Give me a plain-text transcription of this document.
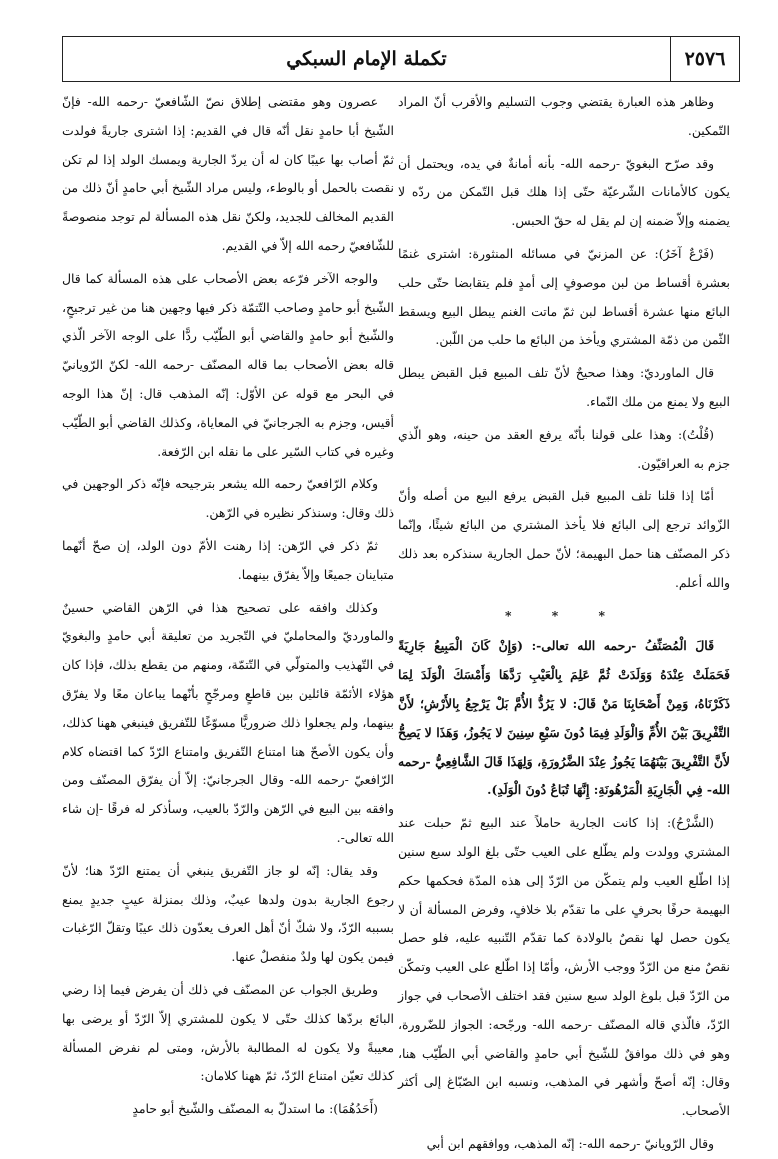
٢٥٧٦
تكملة الإمام السبكي

وظاهر هذه العبارة يقتضي وجوب التسليم والأقرب أنّ المراد التّمكين.

وقد صرّح البغويّ -رحمه الله- بأنه أمانةٌ في يده، ويحتمل أن يكون كالأمانات الشّرعيّة حتّى إذا هلك قبل التّمكن من ردّه لا يضمنه وإلاّ ضمنه إن لم يقل له حقّ الحبس.

(فَرْعٌ آخَرُ): عن المزنيّ في مسائله المنثورة: اشترى غنمًا بعشرة أقساط من لبن موصوفٍ إلى أمدٍ فلم يتقابضا حتّى حلب البائع منها عشرة أقساط لبن ثمّ ماتت الغنم يبطل البيع ويسقط الثّمن من ذمّة المشتري ويأخذ من البائع ما حلب من اللّبن.

قال الماورديّ: وهذا صحيحٌ لأنّ تلف المبيع قبل القبض يبطل البيع ولا يمنع من ملك النّماء.

(قُلْتُ): وهذا على قولنا بأنّه يرفع العقد من حينه، وهو الّذي جزم به العراقيّون.

أمّا إذا قلنا تلف المبيع قبل القبض يرفع البيع من أصله وأنّ الزّوائد ترجع إلى البائع فلا يأخذ المشتري من البائع شيئًا، وإنّما ذكر المصنّف هنا حمل البهيمة؛ لأنّ حمل الجارية سنذكره بعد ذلك والله أعلم.

* * *

قَالَ الْمُصَنِّفُ -رحمه الله تعالى-: (وَإِنْ كَانَ الْمَبِيعُ جَارِيَةً فَحَمَلَتْ عِنْدَهُ وَوَلَدَتْ ثُمَّ عَلِمَ بِالْعَيْبِ رَدَّهَا وَأَمْسَكَ الْوَلَدَ لِمَا ذَكَرْنَاهُ، وَمِنْ أَصْحَابِنَا مَنْ قَالَ: لا يَرُدُّ الأُمَّ بَلْ يَرْجِعُ بِالأَرْشِ؛ لأَنَّ التَّفْرِيقَ بَيْنَ الأُمِّ وَالْوَلَدِ فِيمَا دُونَ سَبْعِ سِنِينَ لا يَجُوزُ، وَهَذَا لا يَصِحُّ لأَنَّ التَّفْرِيقَ بَيْنَهُمَا يَجُوزُ عِنْدَ الضَّرُورَةِ، وَلِهَذَا قَالَ الشَّافِعِيُّ -رحمه الله- فِي الْجَارِيَةِ الْمَرْهُونَةِ: إِنَّهَا تُبَاعُ دُونَ الْوَلَدِ).

(الشَّرْحُ): إذا كانت الجارية حاملاً عند البيع ثمّ حبلت عند المشتري وولدت ولم يطّلع على العيب حتّى بلغ الولد سبع سنين إذا اطّلع العيب ولم يتمكّن من الرّدّ إلى هذه المدّة فحكمها حكم البهيمة حرفًا بحرفٍ على ما تقدّم بلا خلافٍ، وفرض المسألة أن لا يكون حصل لها نقصٌ بالولادة كما تقدّم التّنبيه عليه، فلو حصل نقصٌ منع من الرّدّ ووجب الأرش، وأمّا إذا اطّلع على العيب وتمكّن من الرّدّ قبل بلوغ الولد سبع سنين فقد اختلف الأصحاب في جواز الرّدّ، فالّذي قاله المصنّف -رحمه الله- ورجّحه: الجواز للضّرورة، وهو في ذلك موافقٌ للشّيخ أبي حامدٍ والقاضي أبي الطّيّب هنا، وقال: إنّه أصحّ وأشهر في المذهب، ونسبه ابن الصّبّاغ إلى أكثر الأصحاب.

وقال الرّويانيّ -رحمه الله-: إنّه المذهب، ووافقهم ابن أبي

عصرون وهو مقتضى إطلاق نصّ الشّافعيّ -رحمه الله- فإنّ الشّيخ أبا حامدٍ نقل أنّه قال في القديم: إذا اشترى جاريةً فولدت ثمّ أصاب بها عيبًا كان له أن يردّ الجارية ويمسك الولد إذا لم تكن نقصت بالحمل أو بالوطء، وليس مراد الشّيخ أبي حامدٍ أنّ ذلك من القديم المخالف للجديد، ولكنّ نقل هذه المسألة لم توجد منصوصةً للشّافعيّ رحمه الله إلاّ في القديم.

والوجه الآخر فرّعه بعض الأصحاب على هذه المسألة كما قال الشّيخ أبو حامدٍ وصاحب التّتمّة ذكر فيها وجهين هنا من غير ترجيحٍ، والشّيخ أبو حامدٍ والقاضي أبو الطّيّب ردًّا على الوجه الآخر الّذي قاله بعض الأصحاب بما قاله المصنّف -رحمه الله- لكنّ الرّويانيّ في البحر مع قوله عن الأوّل: إنّه المذهب قال: إنّ هذا الوجه أقيس، وجزم به الجرجانيّ في المعاياة، وكذلك القاضي أبو الطّيّب وغيره في كتاب السّير على ما نقله ابن الرّفعة.

وكلام الرّافعيّ رحمه الله يشعر بترجيحه فإنّه ذكر الوجهين في ذلك وقال: وسنذكر نظيره في الرّهن.

ثمّ ذكر في الرّهن: إذا رهنت الأمّ دون الولد، إن صحّ أنّهما متباينان جميعًا وإلاّ يفرّق بينهما.

وكذلك وافقه على تصحيح هذا في الرّهن القاضي حسينٌ والماورديّ والمحامليّ في التّجريد من تعليقة أبي حامدٍ والبغويّ في التّهذيب والمتولّي في التّتمّة، ومنهم من يقطع بذلك، فإذا كان هؤلاء الأئمّة قائلين بين قاطعٍ ومرجّحٍ بأنّهما يباعان معًا ولا يفرّق بينهما، ولم يجعلوا ذلك ضروريًّا مسوّغًا للتّفريق فينبغي ههنا كذلك، وأن يكون الأصحّ هنا امتناع التّفريق وامتناع الرّدّ كما اقتضاه كلام الرّافعيّ -رحمه الله- وقال الجرجانيّ: إلاّ أن يفرّق المصنّف ومن وافقه بين البيع في الرّهن والرّدّ بالعيب، وسأذكر له فرقًا -إن شاء الله تعالى-.

وقد يقال: إنّه لو جاز التّفريق ينبغي أن يمتنع الرّدّ هنا؛ لأنّ رجوع الجارية بدون ولدها عيبٌ، وذلك بمنزلة عيبٍ جديدٍ يمنع بسببه الرّدّ، ولا شكّ أنّ أهل العرف يعدّون ذلك عيبًا وتقلّ الرّغبات فيمن يكون لها ولدٌ منفصلٌ عنها.

وطريق الجواب عن المصنّف في ذلك أن يفرض فيما إذا رضي البائع بردّها كذلك حتّى لا يكون للمشتري إلاّ الرّدّ أو يرضى بها معيبةً ولا يكون له المطالبة بالأرش، ومتى لم نفرض المسألة كذلك تعيّن امتناع الرّدّ، ثمّ ههنا كلامان:

(أَحَدُهُمَا): ما استدلّ به المصنّف والشّيخ أبو حامدٍ
